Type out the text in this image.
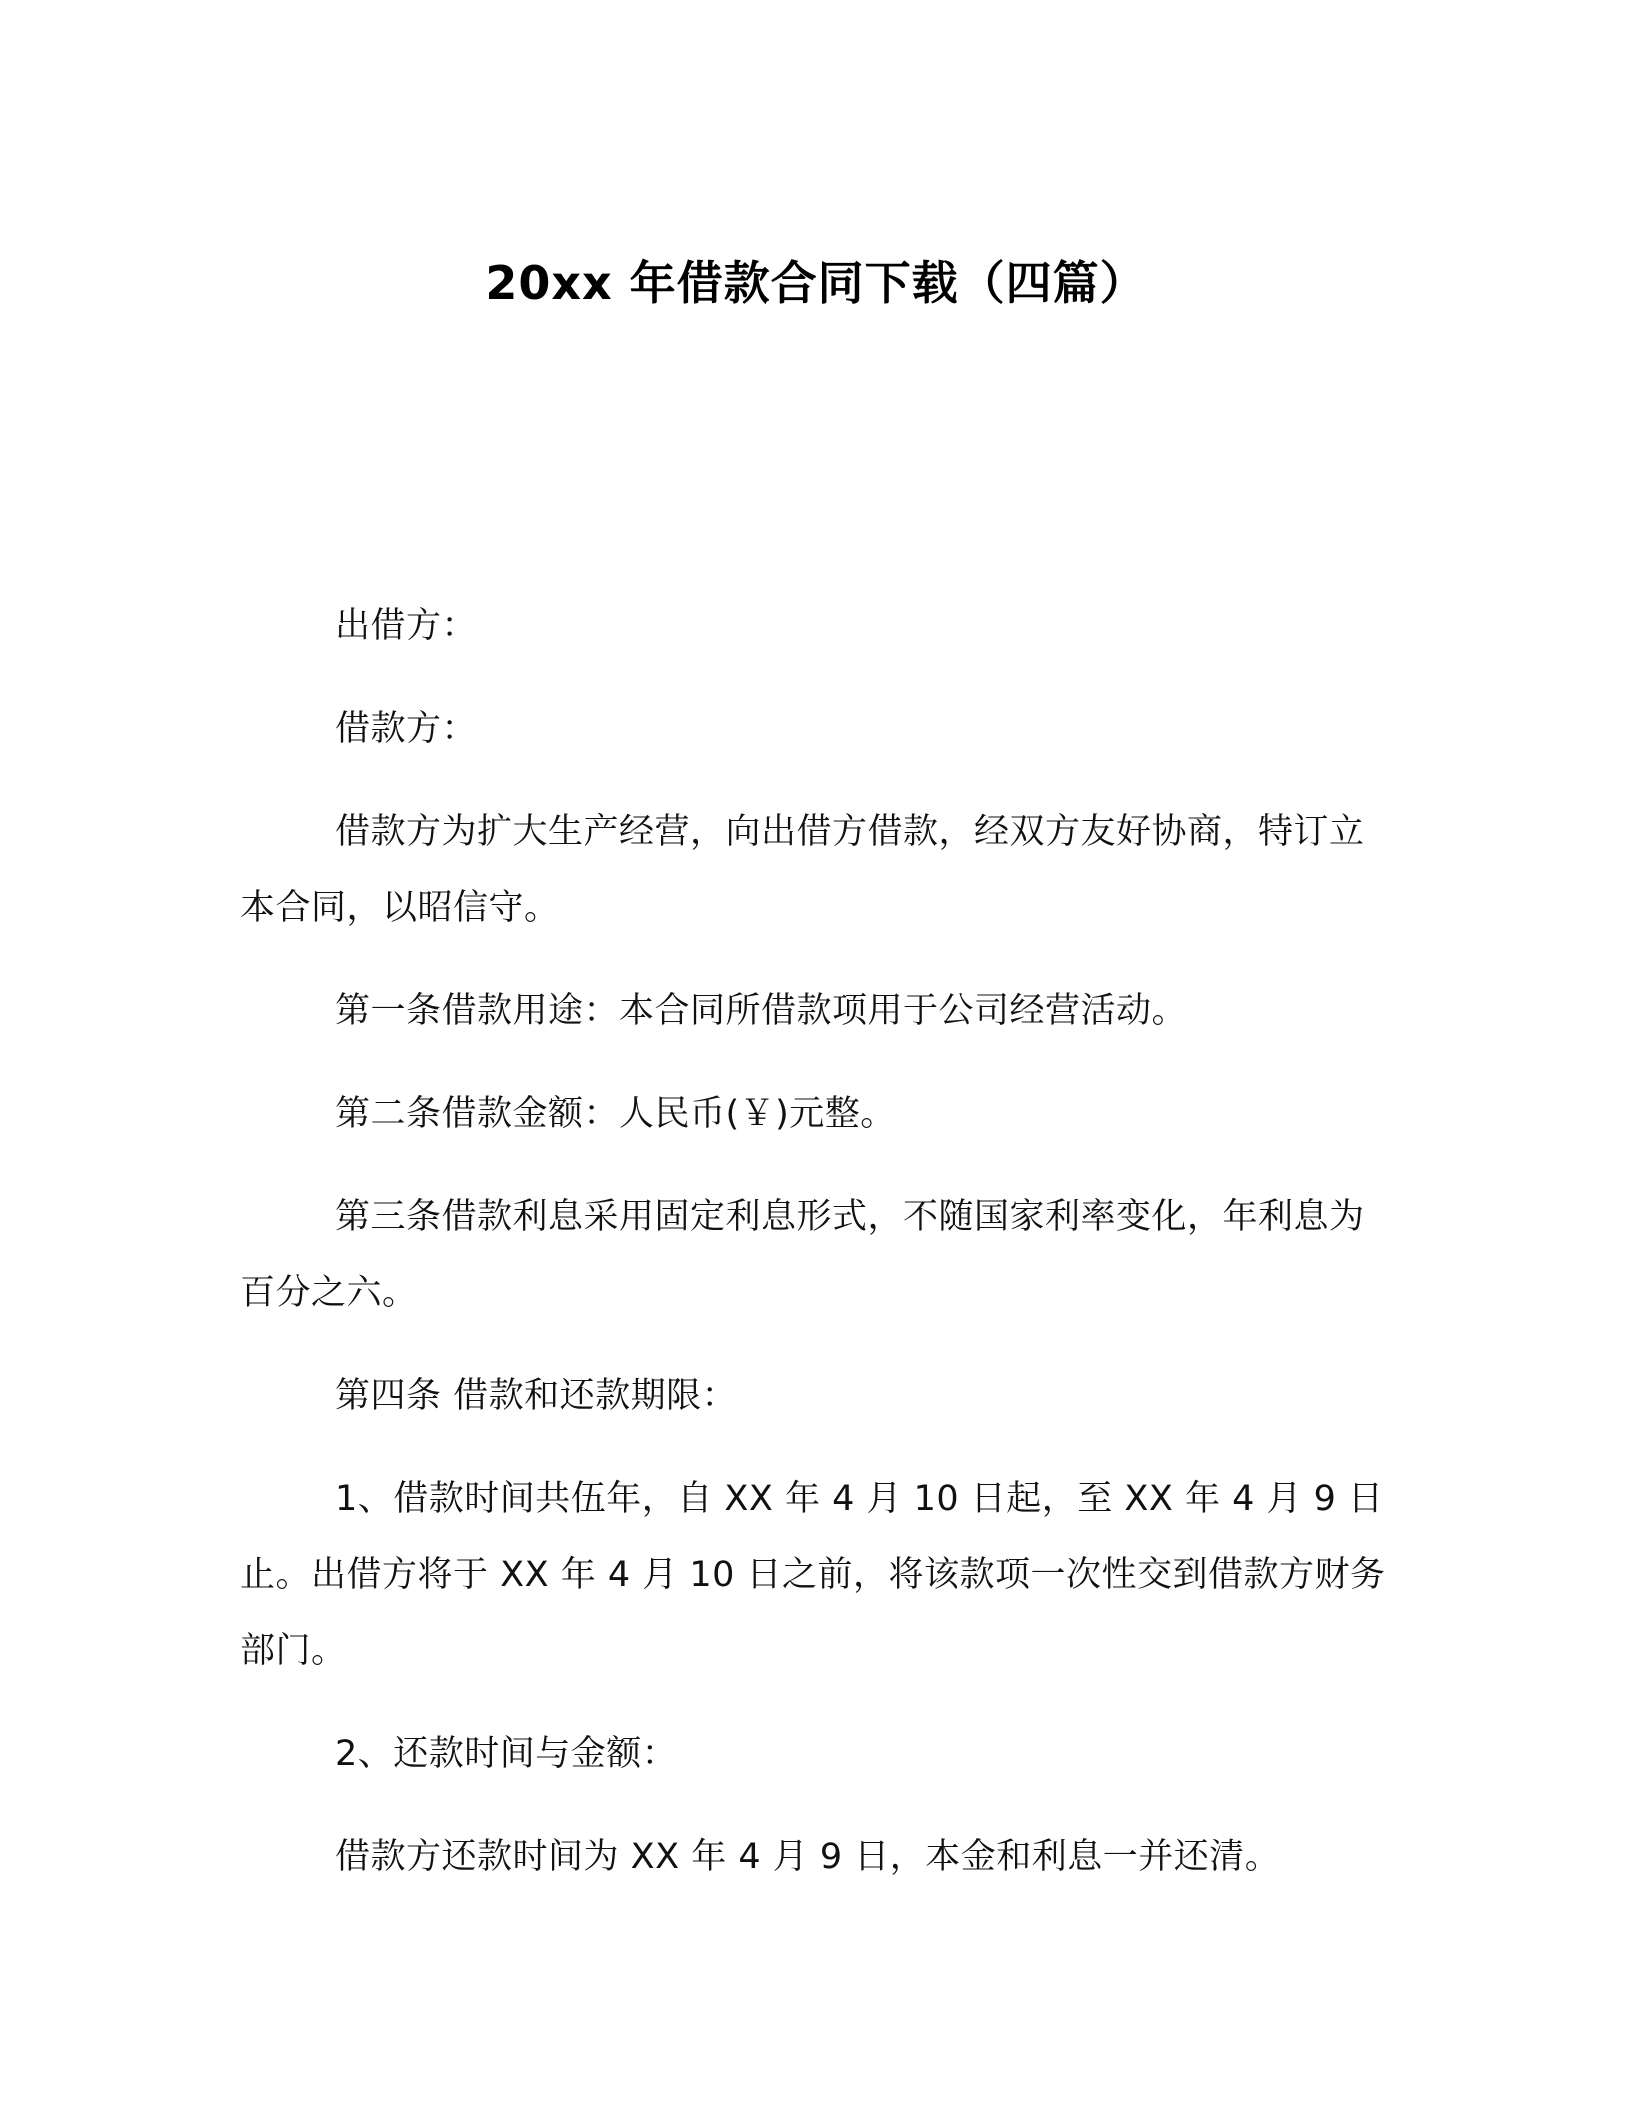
20xx 年借款合同下载（四篇）

出借方：

借款方：

借款方为扩大生产经营，向出借方借款，经双方友好协商，特订立本合同，以昭信守。

第一条借款用途：本合同所借款项用于公司经营活动。

第二条借款金额：人民币(￥)元整。

第三条借款利息采用固定利息形式，不随国家利率变化，年利息为百分之六。

第四条 借款和还款期限：

1、借款时间共伍年，自 XX 年 4 月 10 日起，至 XX 年 4 月 9 日止。出借方将于 XX 年 4 月 10 日之前，将该款项一次性交到借款方财务部门。

2、还款时间与金额：

借款方还款时间为 XX 年 4 月 9 日，本金和利息一并还清。
